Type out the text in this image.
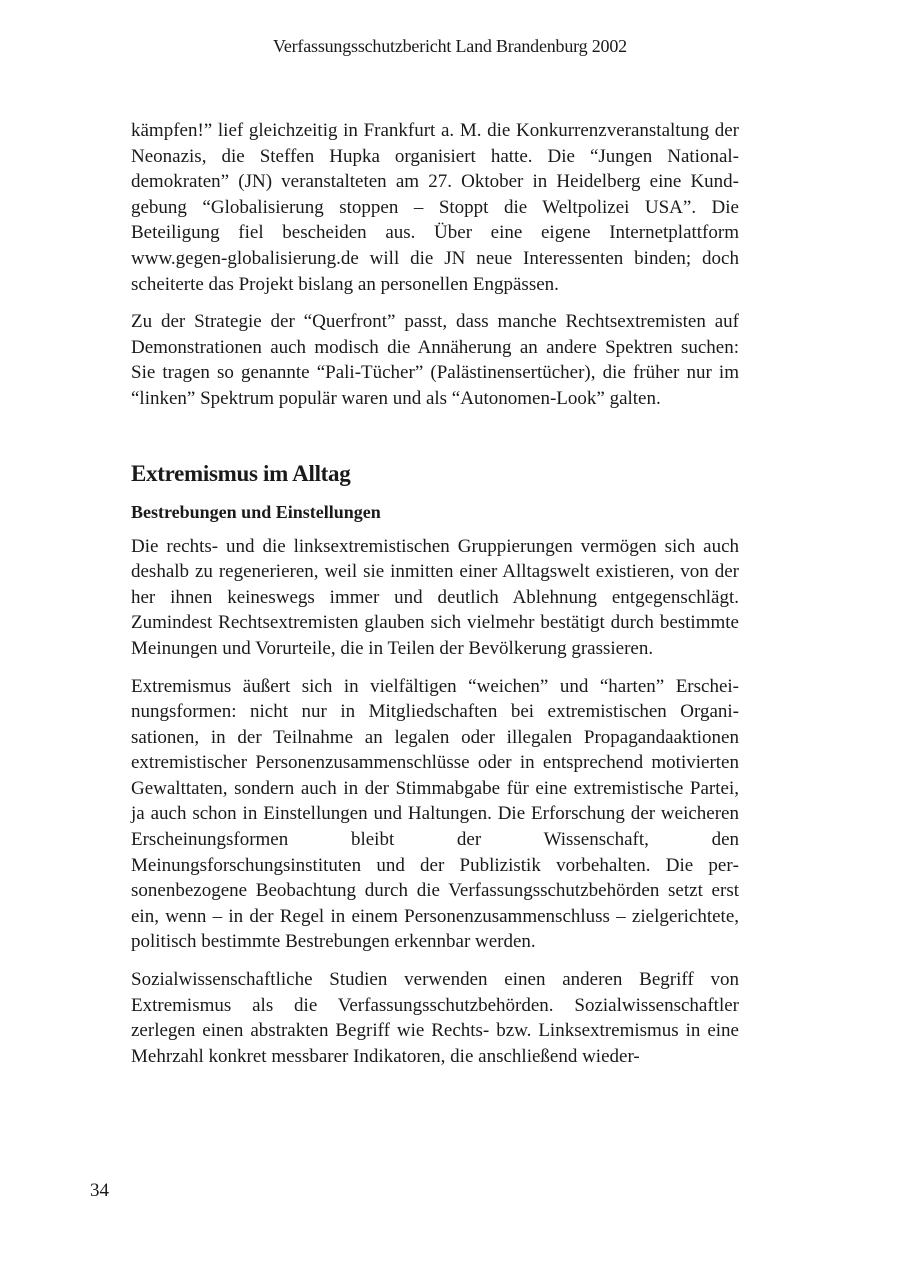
Verfassungsschutzbericht Land Brandenburg 2002

kämpfen!” lief gleichzeitig in Frankfurt a. M. die Konkurrenzveranstaltung der Neonazis, die Steffen Hupka organisiert hatte. Die “Jungen Nationaldemokraten” (JN) veranstalteten am 27. Oktober in Heidelberg eine Kundgebung “Globalisierung stoppen – Stoppt die Weltpolizei USA”. Die Beteiligung fiel bescheiden aus. Über eine eigene Internetplattform www.gegen-globalisierung.de will die JN neue Interessenten binden; doch scheiterte das Projekt bislang an personellen Engpässen.

Zu der Strategie der “Querfront” passt, dass manche Rechtsextremisten auf Demonstrationen auch modisch die Annäherung an andere Spektren suchen: Sie tragen so genannte “Pali-Tücher” (Palästinensertücher), die früher nur im “linken” Spektrum populär waren und als “Autonomen-Look” galten.

Extremismus im Alltag
Bestrebungen und Einstellungen

Die rechts- und die linksextremistischen Gruppierungen vermögen sich auch deshalb zu regenerieren, weil sie inmitten einer Alltagswelt existieren, von der her ihnen keineswegs immer und deutlich Ablehnung entgegenschlägt. Zumindest Rechtsextremisten glauben sich vielmehr bestätigt durch bestimmte Meinungen und Vorurteile, die in Teilen der Bevölkerung grassieren.

Extremismus äußert sich in vielfältigen “weichen” und “harten” Erscheinungsformen: nicht nur in Mitgliedschaften bei extremistischen Organisationen, in der Teilnahme an legalen oder illegalen Propagandaaktionen extremistischer Personenzusammenschlüsse oder in entsprechend motivierten Gewalttaten, sondern auch in der Stimmabgabe für eine extremistische Partei, ja auch schon in Einstellungen und Haltungen. Die Erforschung der weicheren Erscheinungsformen bleibt der Wissenschaft, den Meinungsforschungsinstituten und der Publizistik vorbehalten. Die personenbezogene Beobachtung durch die Verfassungsschutzbehörden setzt erst ein, wenn – in der Regel in einem Personenzusammenschluss – zielgerichtete, politisch bestimmte Bestrebungen erkennbar werden.

Sozialwissenschaftliche Studien verwenden einen anderen Begriff von Extremismus als die Verfassungsschutzbehörden. Sozialwissenschaftler zerlegen einen abstrakten Begriff wie Rechts- bzw. Linksextremismus in eine Mehrzahl konkret messbarer Indikatoren, die anschließend wieder-

34
